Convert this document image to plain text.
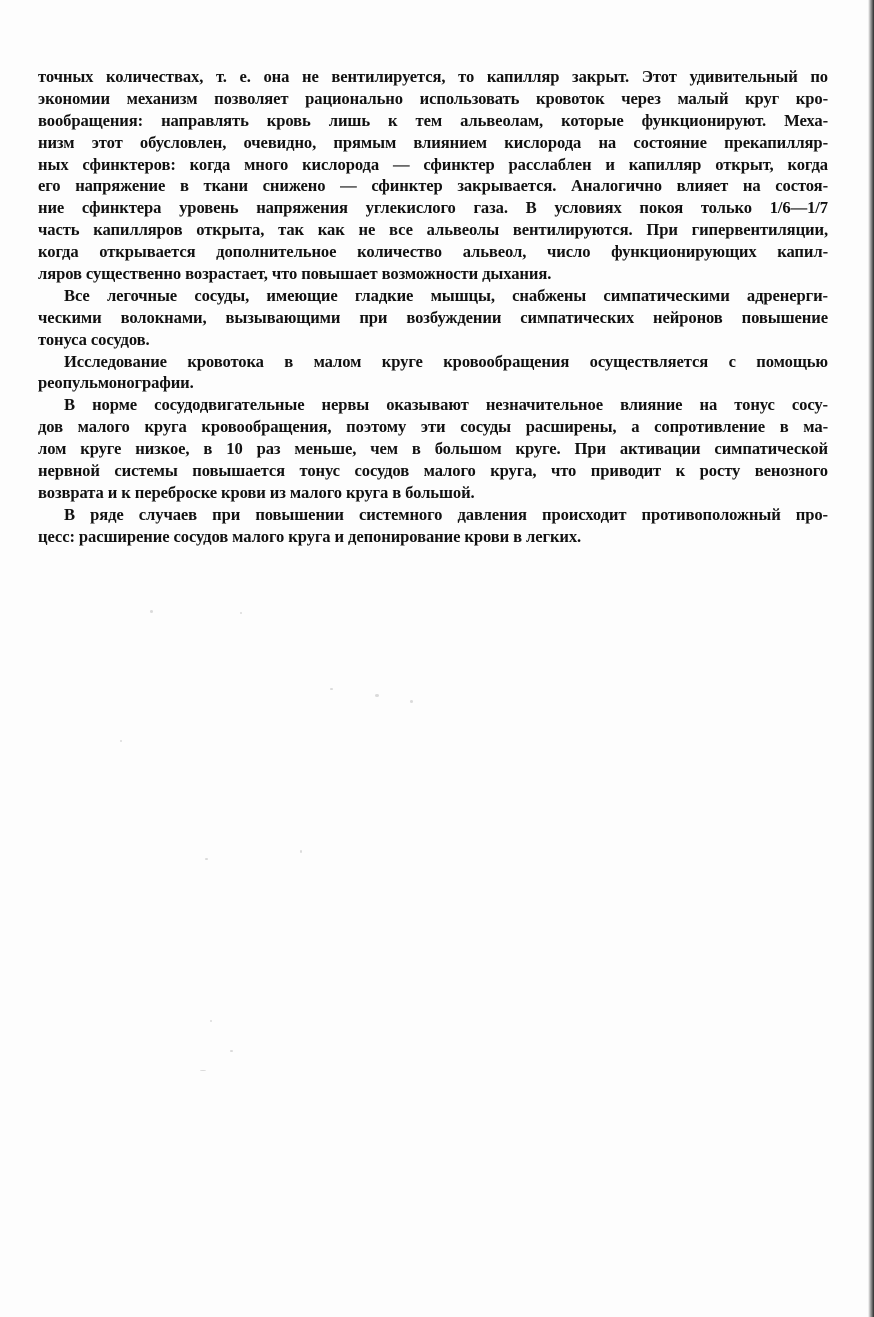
точных количествах, т. е. она не вентилируется, то капилляр закрыт. Этот удивительный по
экономии механизм позволяет рационально использовать кровоток через малый круг кро-
вообращения: направлять кровь лишь к тем альвеолам, которые функционируют. Меха-
низм этот обусловлен, очевидно, прямым влиянием кислорода на состояние прекапилляр-
ных сфинктеров: когда много кислорода — сфинктер расслаблен и капилляр открыт, когда
его напряжение в ткани снижено — сфинктер закрывается. Аналогично влияет на состоя-
ние сфинктера уровень напряжения углекислого газа. В условиях покоя только 1/6—1/7
часть капилляров открыта, так как не все альвеолы вентилируются. При гипервентиляции,
когда открывается дополнительное количество альвеол, число функционирующих капил-
ляров существенно возрастает, что повышает возможности дыхания.
Все легочные сосуды, имеющие гладкие мышцы, снабжены симпатическими адренерги-
ческими волокнами, вызывающими при возбуждении симпатических нейронов повышение
тонуса сосудов.
Исследование кровотока в малом круге кровообращения осуществляется с помощью
реопульмонографии.
В норме сосудодвигательные нервы оказывают незначительное влияние на тонус сосу-
дов малого круга кровообращения, поэтому эти сосуды расширены, а сопротивление в ма-
лом круге низкое, в 10 раз меньше, чем в большом круге. При активации симпатической
нервной системы повышается тонус сосудов малого круга, что приводит к росту венозного
возврата и к переброске крови из малого круга в большой.
В ряде случаев при повышении системного давления происходит противоположный про-
цесс: расширение сосудов малого круга и депонирование крови в легких.
